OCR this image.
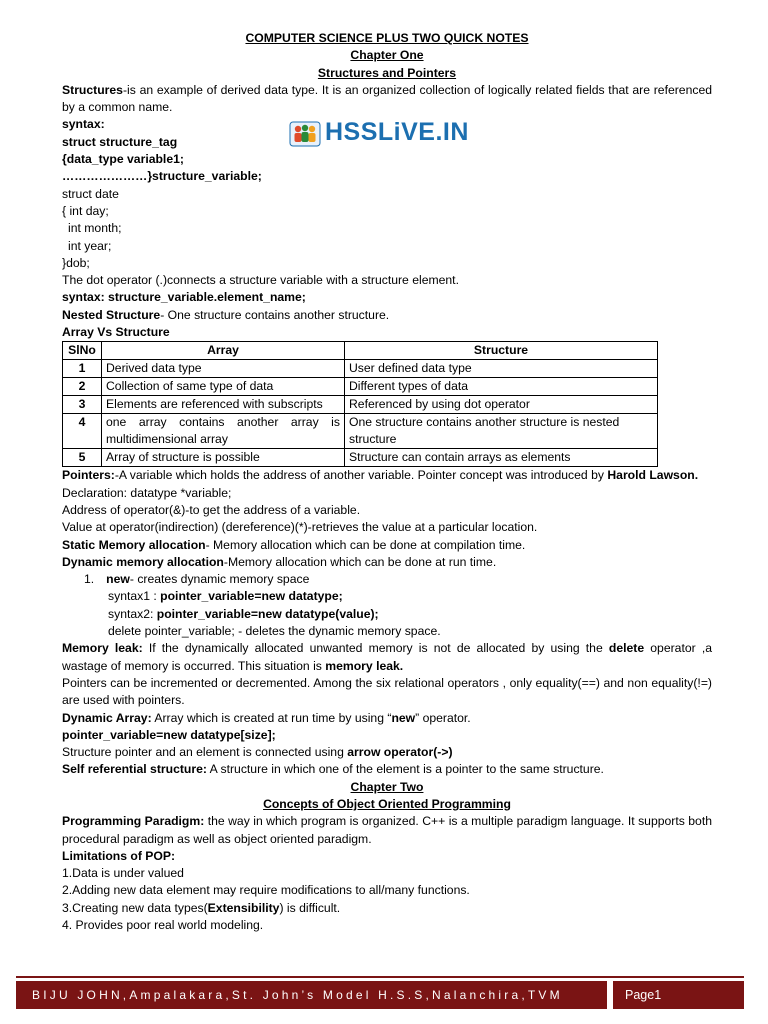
COMPUTER SCIENCE PLUS TWO QUICK NOTES
Chapter One
Structures and Pointers
Structures-is an example of derived data type. It is an organized collection of logically related fields that are referenced by a common name.
syntax:
struct structure_tag
{data_type variable1;
…………………}structure_variable;
struct date
{ int day;
int month;
int year;
}dob;
The dot operator (.)connects a structure variable with a structure element.
syntax: structure_variable.element_name;
Nested Structure- One structure contains another structure.
Array Vs Structure
SlNo	Array	Structure
1	Derived data type	User defined data type
2	Collection of same type of data	Different types of data
3	Elements are referenced with subscripts	Referenced by using dot operator
4	one array contains another array is multidimensional array	One structure contains another structure is nested structure
5	Array of structure is possible	Structure can contain arrays as elements
Pointers:-A variable which holds the address of another variable. Pointer concept was introduced by Harold Lawson.
Declaration: datatype *variable;
Address of operator(&)-to get the address of a variable.
Value at operator(indirection) (dereference)(*)-retrieves the value at a particular location.
Static Memory allocation- Memory allocation which can be done at compilation time.
Dynamic memory allocation-Memory allocation which can be done at run time.
1. new- creates dynamic memory space
syntax1 : pointer_variable=new datatype;
syntax2: pointer_variable=new datatype(value);
delete pointer_variable; - deletes the dynamic memory space.
Memory leak: If the dynamically allocated unwanted memory is not de allocated by using the delete operator ,a wastage of memory is occurred. This situation is memory leak.
Pointers can be incremented or decremented. Among the six relational operators , only equality(==) and non equality(!=) are used with pointers.
Dynamic Array: Array which is created at run time by using “new” operator.
pointer_variable=new datatype[size];
Structure pointer and an element is connected using arrow operator(->)
Self referential structure: A structure in which one of the element is a pointer to the same structure.
Chapter Two
Concepts of Object Oriented Programming
Programming Paradigm: the way in which program is organized. C++ is a multiple paradigm language. It supports both procedural paradigm as well as object oriented paradigm.
Limitations of POP:
1.Data is under valued
2.Adding new data element may require modifications to all/many functions.
3.Creating new data types(Extensibility) is difficult.
4. Provides poor real world modeling.
HSSLiVE.IN
BIJU JOHN,Ampalakara,St. John’s Model H.S.S,Nalanchira,TVM	Page1
